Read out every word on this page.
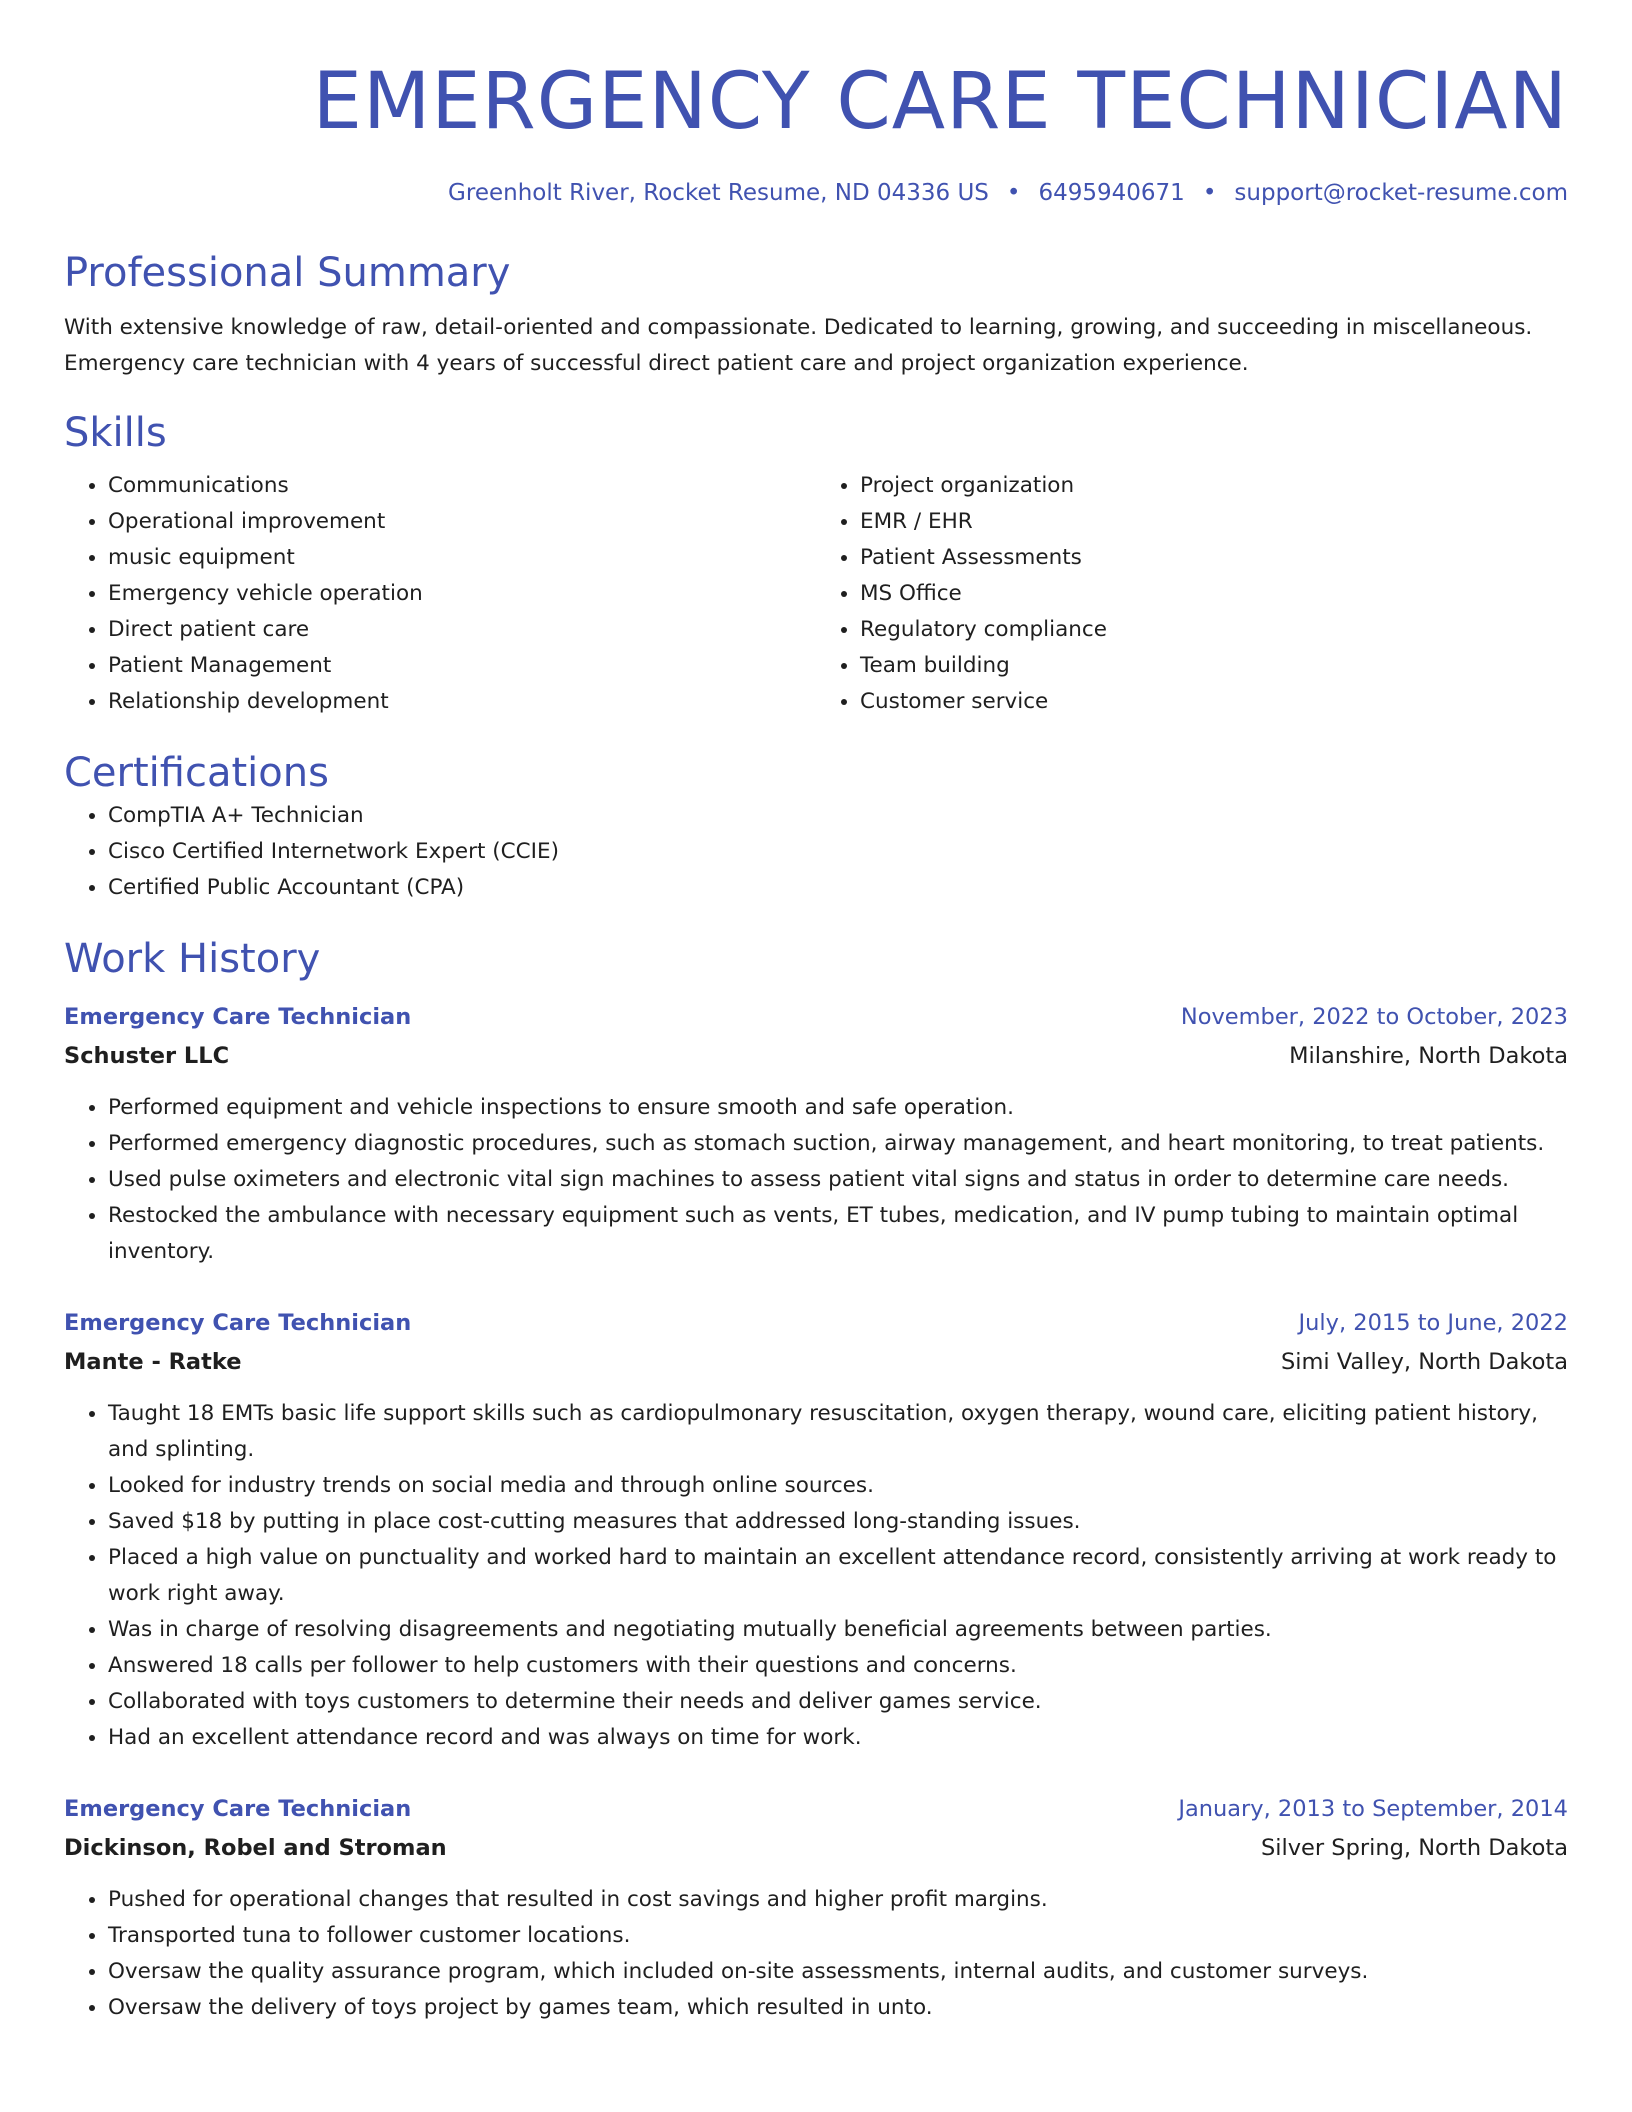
EMERGENCY CARE TECHNICIAN
Greenholt River, Rocket Resume, ND 04336 US • 6495940671 • support@rocket-resume.com
Professional Summary
With extensive knowledge of raw, detail-oriented and compassionate. Dedicated to learning, growing, and succeeding in miscellaneous. Emergency care technician with 4 years of successful direct patient care and project organization experience.
Skills
• Communications
• Operational improvement
• music equipment
• Emergency vehicle operation
• Direct patient care
• Patient Management
• Relationship development
• Project organization
• EMR / EHR
• Patient Assessments
• MS Office
• Regulatory compliance
• Team building
• Customer service
Certifications
• CompTIA A+ Technician
• Cisco Certified Internetwork Expert (CCIE)
• Certified Public Accountant (CPA)
Work History
Emergency Care Technician	November, 2022 to October, 2023
Schuster LLC	Milanshire, North Dakota
• Performed equipment and vehicle inspections to ensure smooth and safe operation.
• Performed emergency diagnostic procedures, such as stomach suction, airway management, and heart monitoring, to treat patients.
• Used pulse oximeters and electronic vital sign machines to assess patient vital signs and status in order to determine care needs.
• Restocked the ambulance with necessary equipment such as vents, ET tubes, medication, and IV pump tubing to maintain optimal inventory.
Emergency Care Technician	July, 2015 to June, 2022
Mante - Ratke	Simi Valley, North Dakota
• Taught 18 EMTs basic life support skills such as cardiopulmonary resuscitation, oxygen therapy, wound care, eliciting patient history, and splinting.
• Looked for industry trends on social media and through online sources.
• Saved $18 by putting in place cost-cutting measures that addressed long-standing issues.
• Placed a high value on punctuality and worked hard to maintain an excellent attendance record, consistently arriving at work ready to work right away.
• Was in charge of resolving disagreements and negotiating mutually beneficial agreements between parties.
• Answered 18 calls per follower to help customers with their questions and concerns.
• Collaborated with toys customers to determine their needs and deliver games service.
• Had an excellent attendance record and was always on time for work.
Emergency Care Technician	January, 2013 to September, 2014
Dickinson, Robel and Stroman	Silver Spring, North Dakota
• Pushed for operational changes that resulted in cost savings and higher profit margins.
• Transported tuna to follower customer locations.
• Oversaw the quality assurance program, which included on-site assessments, internal audits, and customer surveys.
• Oversaw the delivery of toys project by games team, which resulted in unto.
